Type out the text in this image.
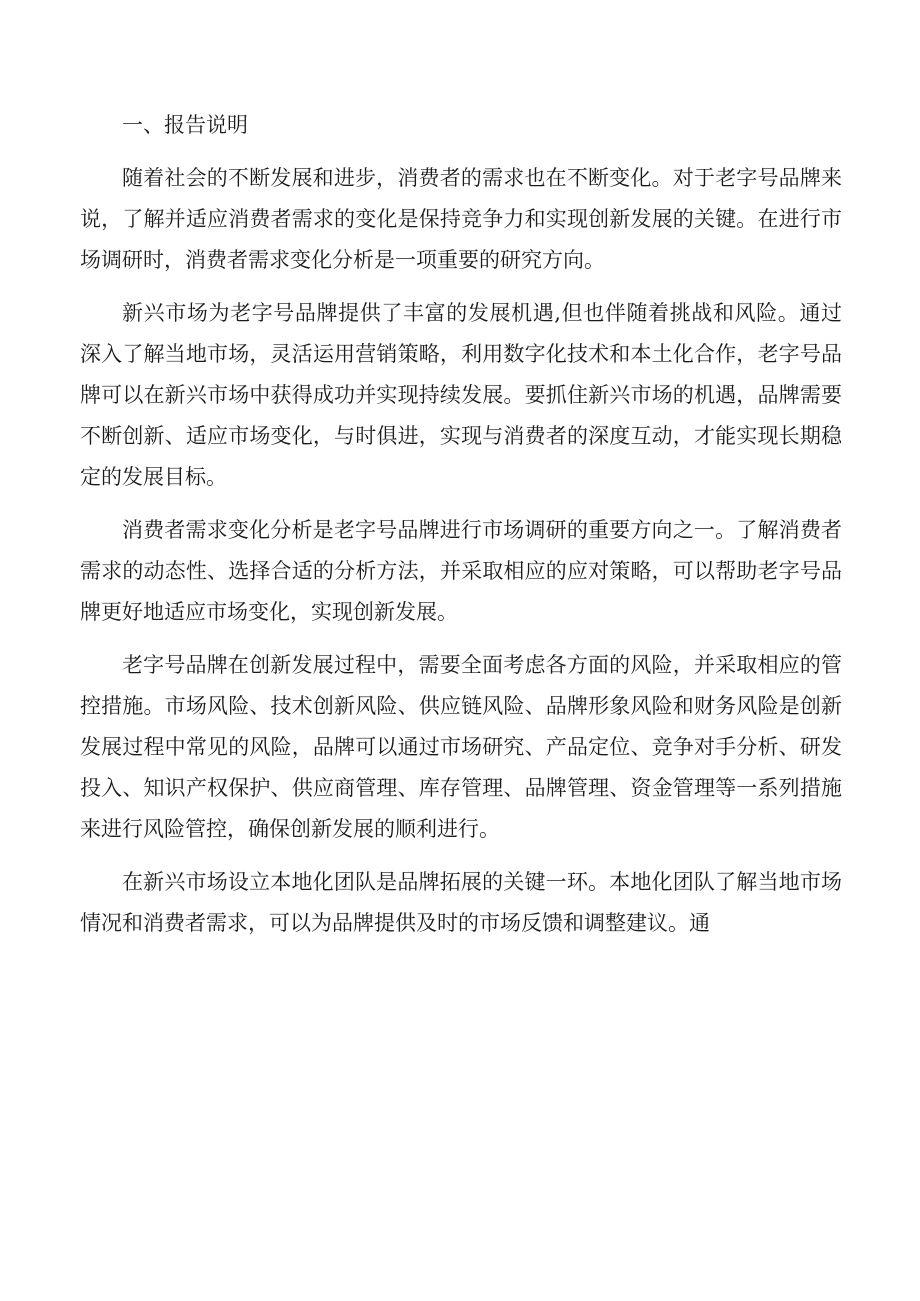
一、报告说明

随着社会的不断发展和进步，消费者的需求也在不断变化。对于老字号品牌来说，了解并适应消费者需求的变化是保持竞争力和实现创新发展的关键。在进行市场调研时，消费者需求变化分析是一项重要的研究方向。

新兴市场为老字号品牌提供了丰富的发展机遇,但也伴随着挑战和风险。通过深入了解当地市场，灵活运用营销策略，利用数字化技术和本土化合作，老字号品牌可以在新兴市场中获得成功并实现持续发展。要抓住新兴市场的机遇，品牌需要不断创新、适应市场变化，与时俱进，实现与消费者的深度互动，才能实现长期稳定的发展目标。

消费者需求变化分析是老字号品牌进行市场调研的重要方向之一。了解消费者需求的动态性、选择合适的分析方法，并采取相应的应对策略，可以帮助老字号品牌更好地适应市场变化，实现创新发展。

老字号品牌在创新发展过程中，需要全面考虑各方面的风险，并采取相应的管控措施。市场风险、技术创新风险、供应链风险、品牌形象风险和财务风险是创新发展过程中常见的风险，品牌可以通过市场研究、产品定位、竞争对手分析、研发投入、知识产权保护、供应商管理、库存管理、品牌管理、资金管理等一系列措施来进行风险管控，确保创新发展的顺利进行。

在新兴市场设立本地化团队是品牌拓展的关键一环。本地化团队了解当地市场情况和消费者需求，可以为品牌提供及时的市场反馈和调整建议。通
